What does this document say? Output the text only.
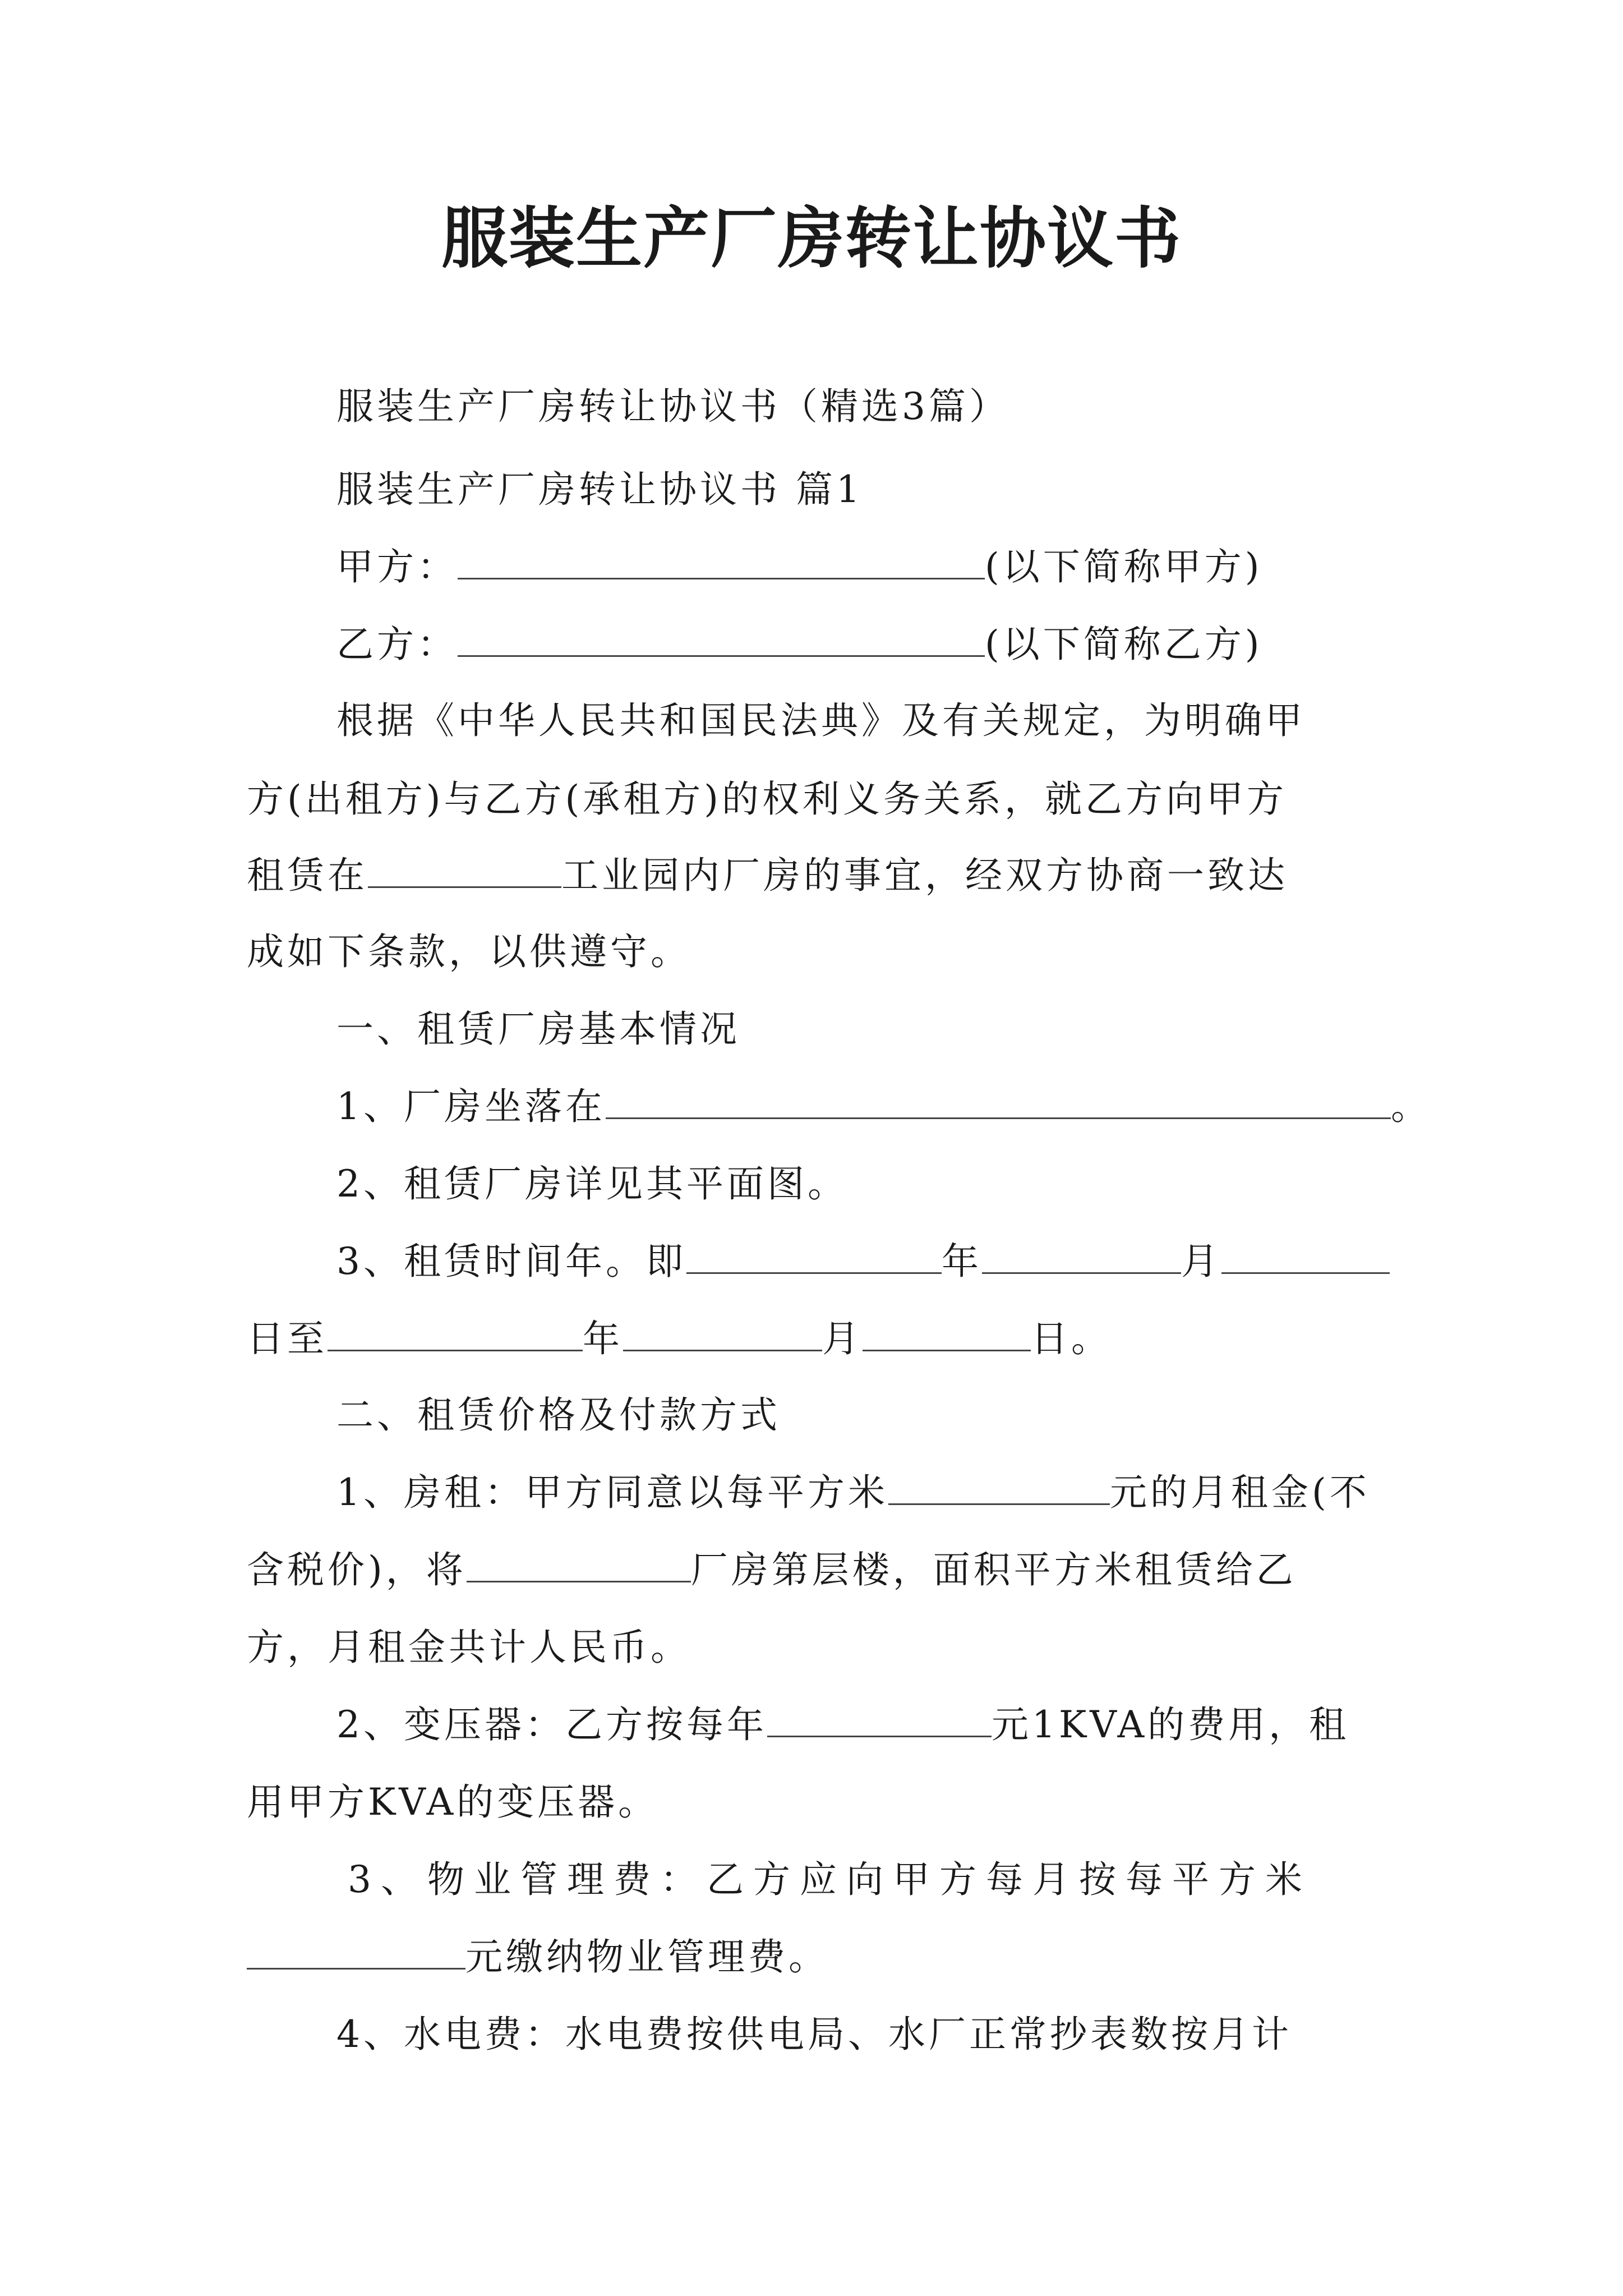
服装生产厂房转让协议书
服装生产厂房转让协议书（精选3篇）
服装生产厂房转让协议书 篇1
甲方：	(以下简称甲方)
乙方：	(以下简称乙方)
根据《中华人民共和国民法典》及有关规定，为明确甲
方(出租方)与乙方(承租方)的权利义务关系，就乙方向甲方
租赁在	工业园内厂房的事宜，经双方协商一致达
成如下条款，以供遵守。
一、租赁厂房基本情况
1、厂房坐落在	。
2、租赁厂房详见其平面图。
3、租赁时间年。即	年	月
日至	年	月	日。
二、租赁价格及付款方式
1、房租：甲方同意以每平方米	元的月租金(不
含税价)，将	厂房第层楼，面积平方米租赁给乙
方，月租金共计人民币。
2、变压器：乙方按每年	元1KVA的费用，租
用甲方KVA的变压器。
3、物业管理费：乙方应向甲方每月按每平方米
元缴纳物业管理费。
4、水电费：水电费按供电局、水厂正常抄表数按月计
